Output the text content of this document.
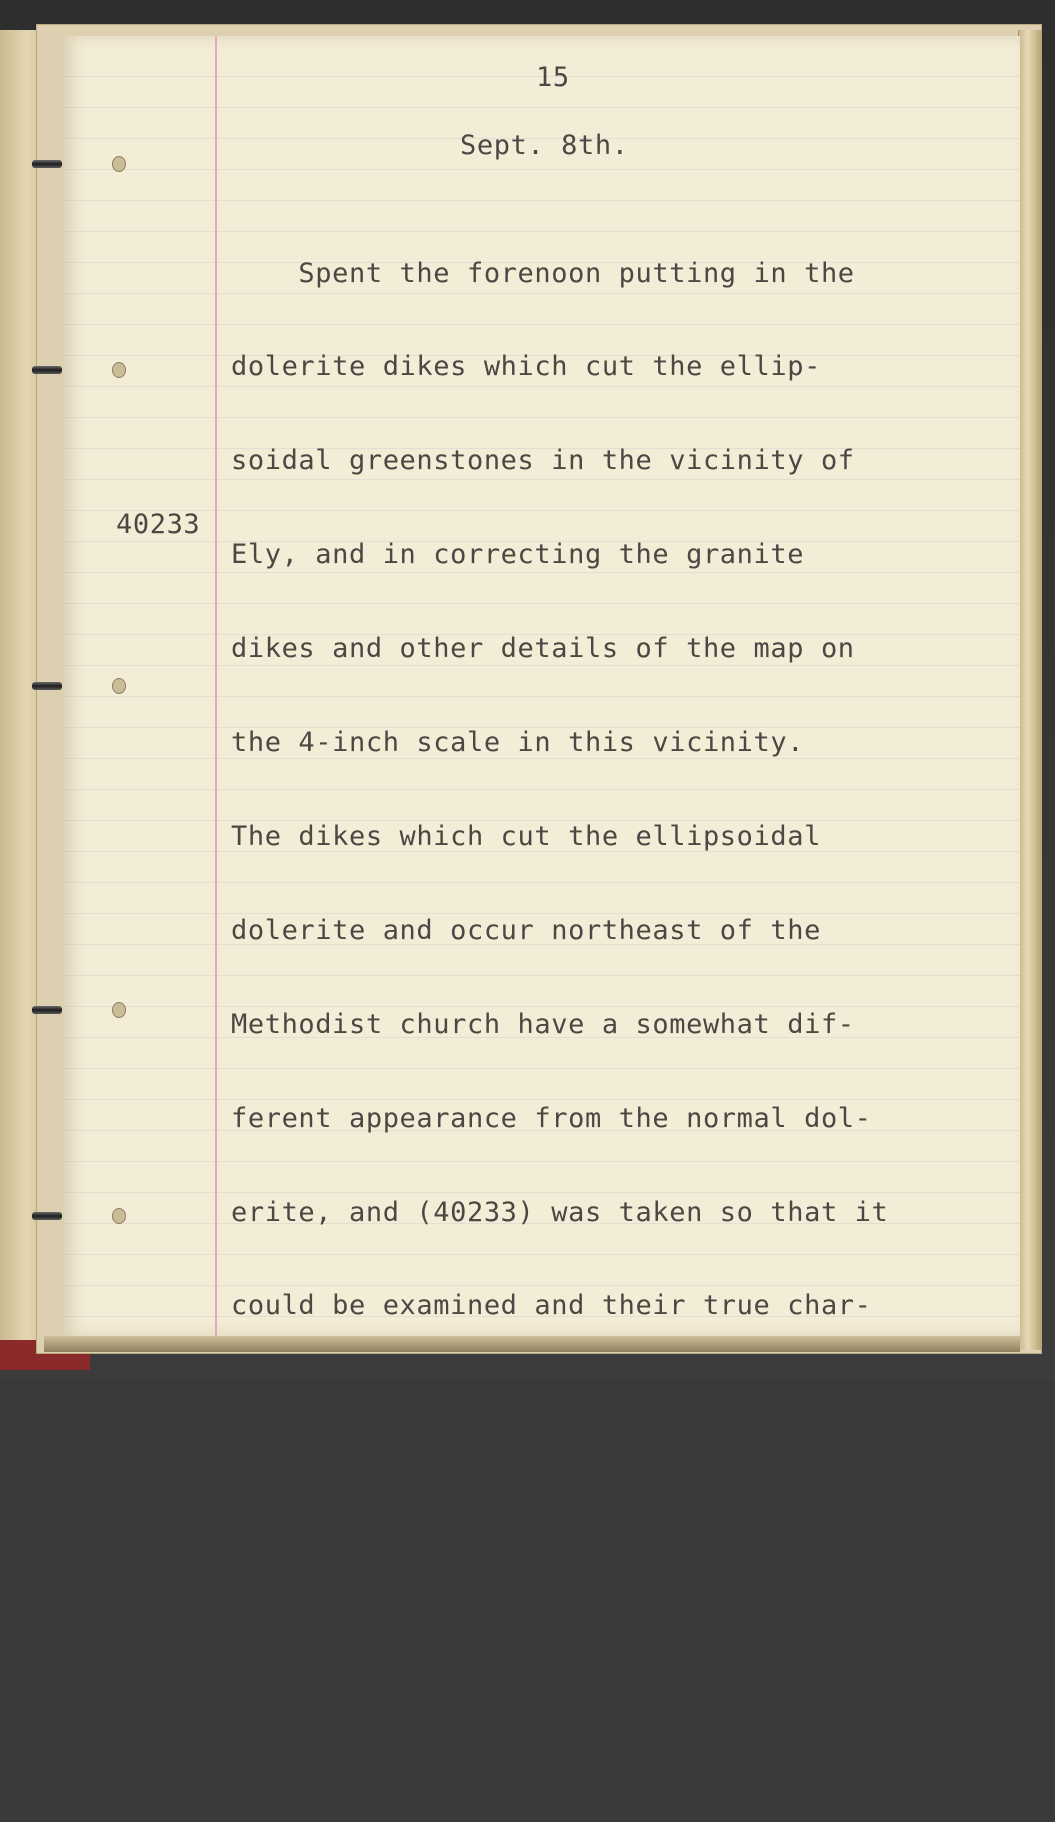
15

Sept. 8th.

40233

Spent the forenoon putting in the

dolerite dikes which cut the ellip-

soidal greenstones in the vicinity of

Ely, and in correcting the granite

dikes and other details of the map on

the 4-inch scale in this vicinity.

The dikes which cut the ellipsoidal

dolerite and occur northeast of the

Methodist church have a somewhat dif-

ferent appearance from the normal dol-

erite, and (40233) was taken so that it

could be examined and their true char-

acter ascertained

In the afternoon got my camp equip-

ment packed up and got all supplies,

so that we would be ready to start

on our canoe trip Monday.
